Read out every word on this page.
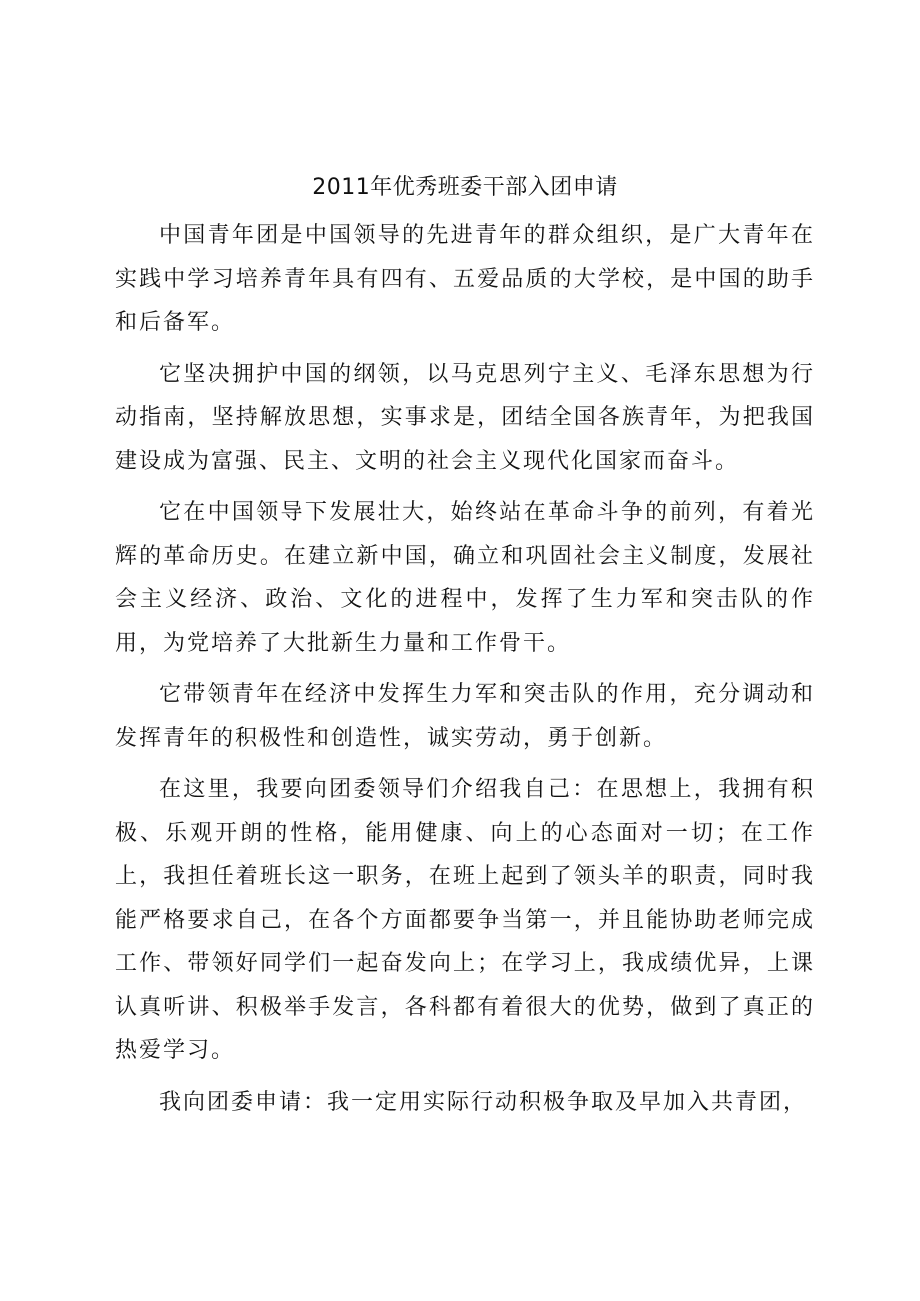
2011年优秀班委干部入团申请

中国青年团是中国领导的先进青年的群众组织，是广大青年在实践中学习培养青年具有四有、五爱品质的大学校，是中国的助手和后备军。

它坚决拥护中国的纲领，以马克思列宁主义、毛泽东思想为行动指南，坚持解放思想，实事求是，团结全国各族青年，为把我国建设成为富强、民主、文明的社会主义现代化国家而奋斗。

它在中国领导下发展壮大，始终站在革命斗争的前列，有着光辉的革命历史。在建立新中国，确立和巩固社会主义制度，发展社会主义经济、政治、文化的进程中，发挥了生力军和突击队的作用，为党培养了大批新生力量和工作骨干。

它带领青年在经济中发挥生力军和突击队的作用，充分调动和发挥青年的积极性和创造性，诚实劳动，勇于创新。

在这里，我要向团委领导们介绍我自己：在思想上，我拥有积极、乐观开朗的性格，能用健康、向上的心态面对一切；在工作上，我担任着班长这一职务，在班上起到了领头羊的职责，同时我能严格要求自己，在各个方面都要争当第一，并且能协助老师完成工作、带领好同学们一起奋发向上；在学习上，我成绩优异，上课认真听讲、积极举手发言，各科都有着很大的优势，做到了真正的热爱学习。

我向团委申请：我一定用实际行动积极争取及早加入共青团，
